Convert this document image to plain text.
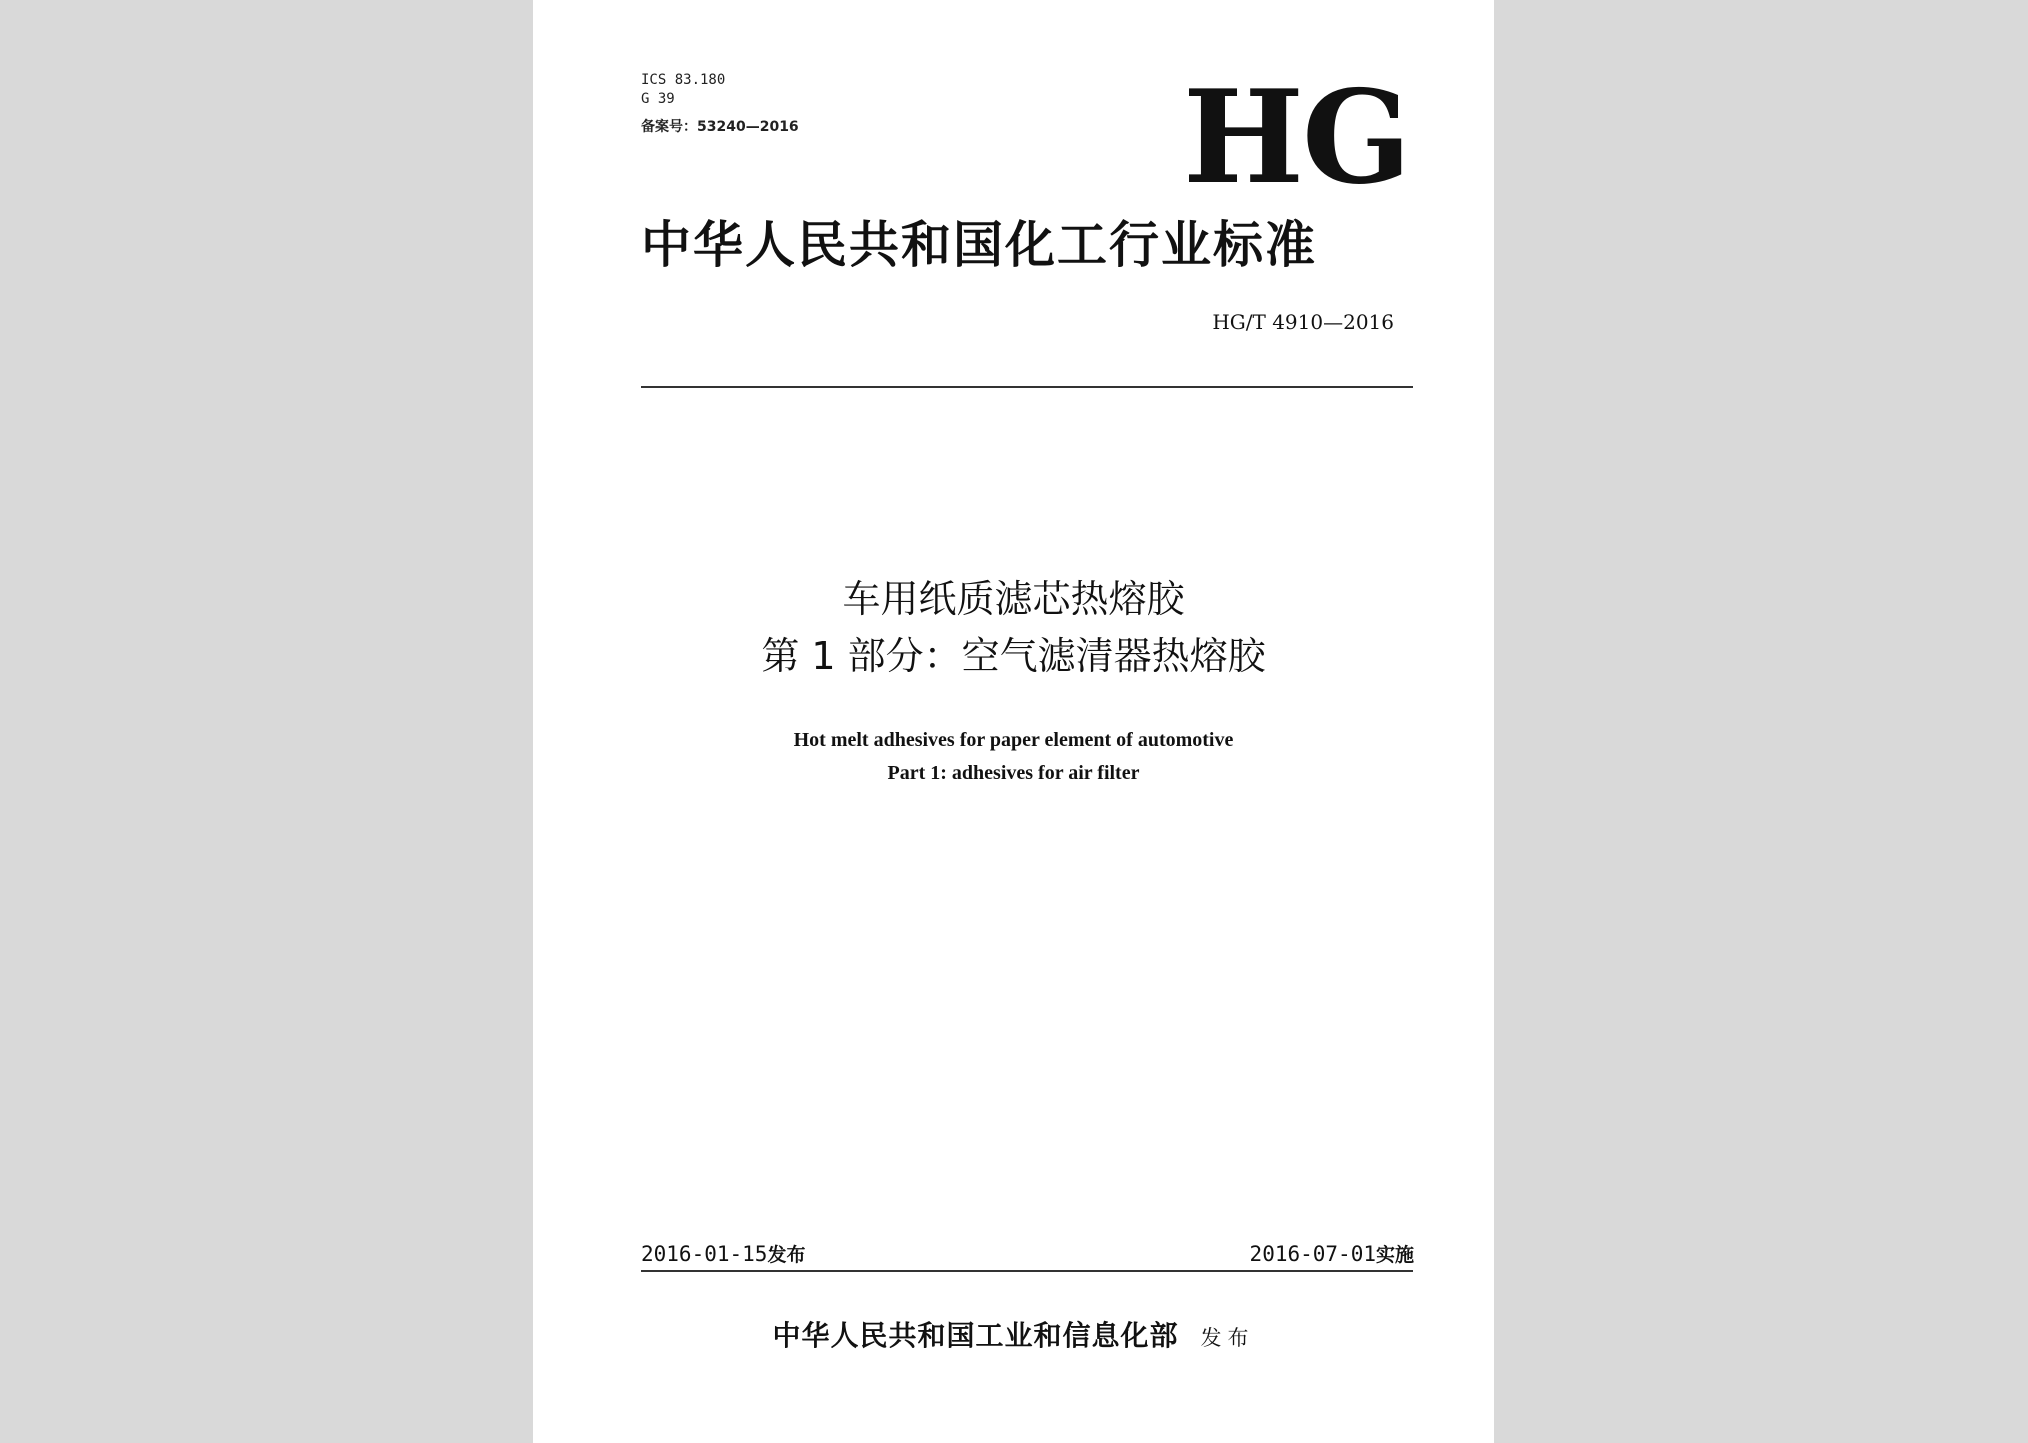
ICS 83.180
G 39
备案号：53240—2016	HG
中华人民共和国化工行业标准
HG/T 4910—2016
车用纸质滤芯热熔胶
第 1 部分：空气滤清器热熔胶
Hot melt adhesives for paper element of automotive
Part 1: adhesives for air filter
2016-01-15发布	2016-07-01实施
中华人民共和国工业和信息化部 发布
